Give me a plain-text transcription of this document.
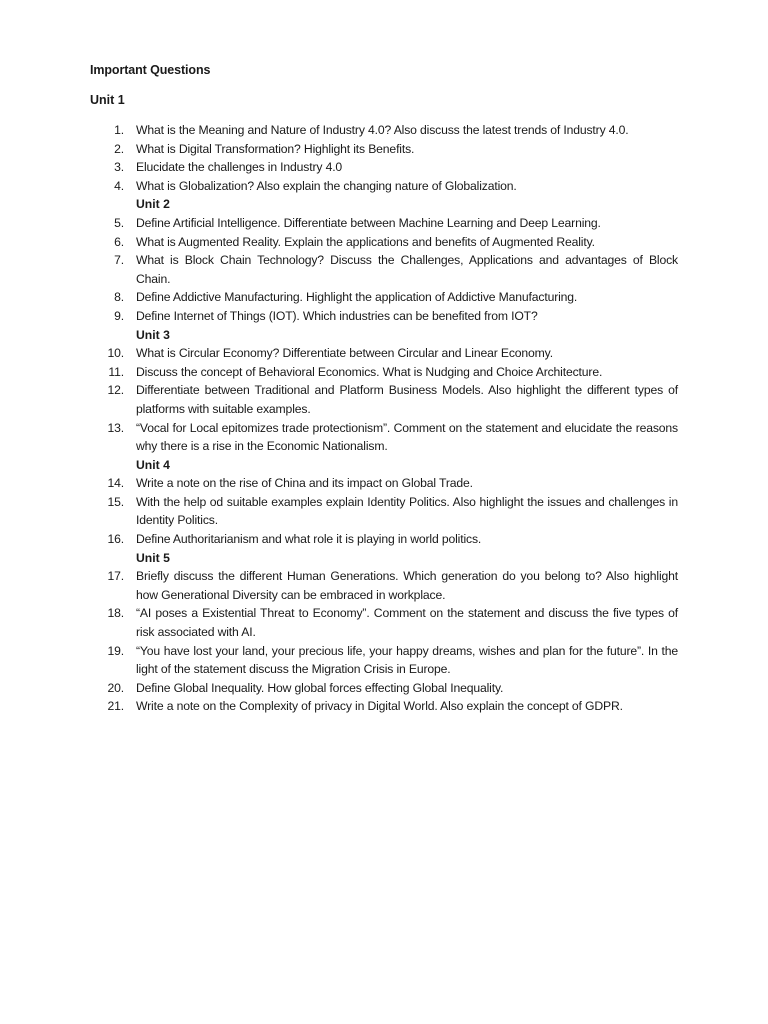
Important Questions
Unit 1
1. What is the Meaning and Nature of Industry 4.0? Also discuss the latest trends of Industry 4.0.
2. What is Digital Transformation? Highlight its Benefits.
3. Elucidate the challenges in Industry 4.0
4. What is Globalization? Also explain the changing nature of Globalization.
Unit 2
5. Define Artificial Intelligence. Differentiate between Machine Learning and Deep Learning.
6. What is Augmented Reality. Explain the applications and benefits of Augmented Reality.
7. What is Block Chain Technology? Discuss the Challenges, Applications and advantages of Block Chain.
8. Define Addictive Manufacturing. Highlight the application of Addictive Manufacturing.
9. Define Internet of Things (IOT). Which industries can be benefited from IOT?
Unit 3
10. What is Circular Economy? Differentiate between Circular and Linear Economy.
11. Discuss the concept of Behavioral Economics. What is Nudging and Choice Architecture.
12. Differentiate between Traditional and Platform Business Models. Also highlight the different types of platforms with suitable examples.
13. “Vocal for Local epitomizes trade protectionism”. Comment on the statement and elucidate the reasons why there is a rise in the Economic Nationalism.
Unit 4
14. Write a note on the rise of China and its impact on Global Trade.
15. With the help od suitable examples explain Identity Politics. Also highlight the issues and challenges in Identity Politics.
16. Define Authoritarianism and what role it is playing in world politics.
Unit 5
17. Briefly discuss the different Human Generations. Which generation do you belong to? Also highlight how Generational Diversity can be embraced in workplace.
18. “AI poses a Existential Threat to Economy”. Comment on the statement and discuss the five types of risk associated with AI.
19. “You have lost your land, your precious life, your happy dreams, wishes and plan for the future”. In the light of the statement discuss the Migration Crisis in Europe.
20. Define Global Inequality. How global forces effecting Global Inequality.
21. Write a note on the Complexity of privacy in Digital World. Also explain the concept of GDPR.
